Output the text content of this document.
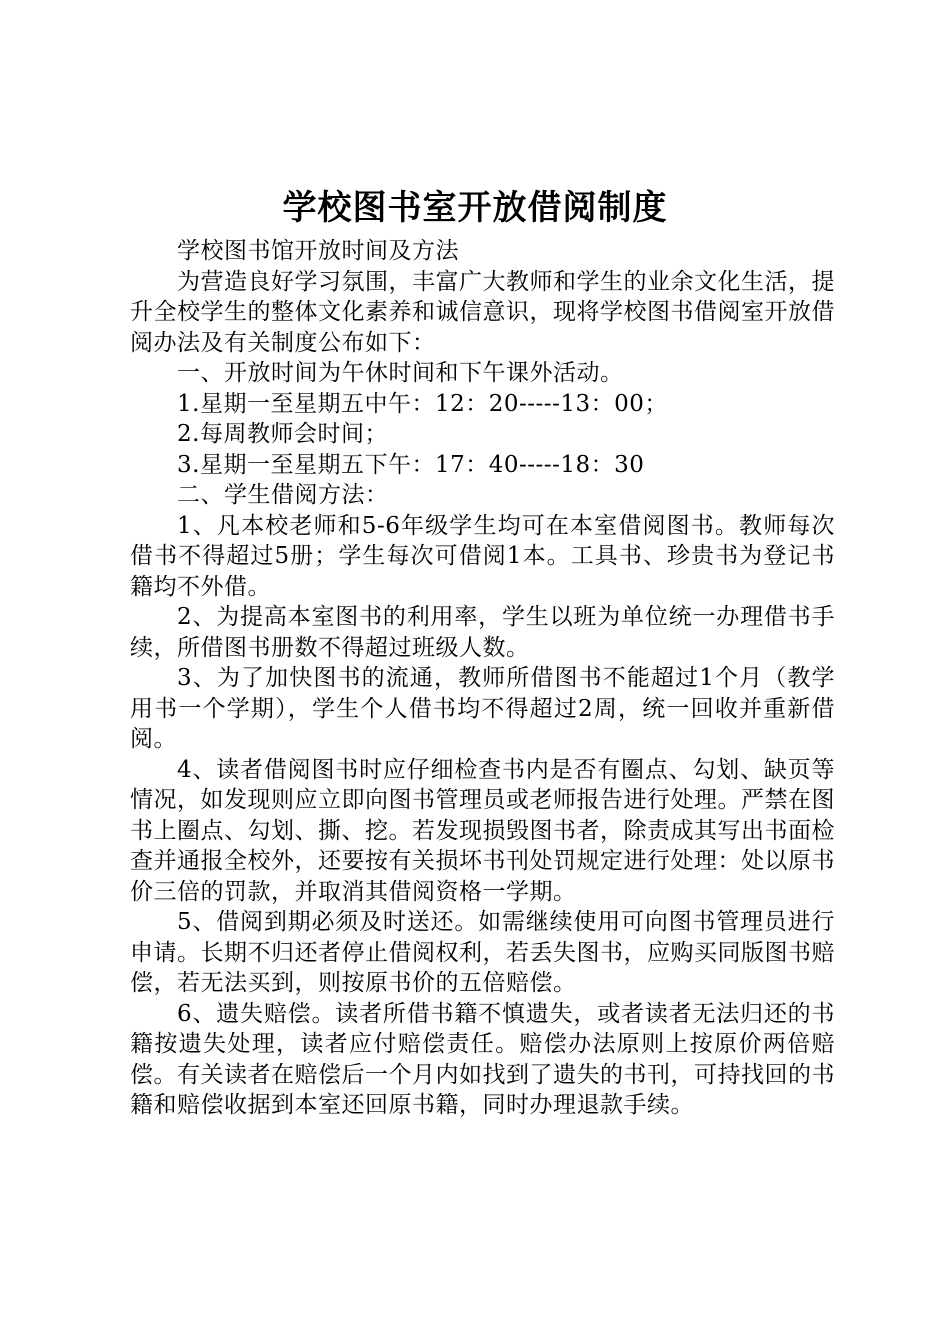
学校图书室开放借阅制度

学校图书馆开放时间及方法

为营造良好学习氛围，丰富广大教师和学生的业余文化生活，提升全校学生的整体文化素养和诚信意识，现将学校图书借阅室开放借阅办法及有关制度公布如下：

一、开放时间为午休时间和下午课外活动。

1.星期一至星期五中午：12：20-----13：00；

2.每周教师会时间；

3.星期一至星期五下午：17：40-----18：30

二、学生借阅方法：

1、凡本校老师和5-6年级学生均可在本室借阅图书。教师每次借书不得超过5册；学生每次可借阅1本。工具书、珍贵书为登记书籍均不外借。

2、为提高本室图书的利用率，学生以班为单位统一办理借书手续，所借图书册数不得超过班级人数。

3、为了加快图书的流通，教师所借图书不能超过1个月（教学用书一个学期），学生个人借书均不得超过2周，统一回收并重新借阅。

4、读者借阅图书时应仔细检查书内是否有圈点、勾划、缺页等情况，如发现则应立即向图书管理员或老师报告进行处理。严禁在图书上圈点、勾划、撕、挖。若发现损毁图书者，除责成其写出书面检查并通报全校外，还要按有关损坏书刊处罚规定进行处理：处以原书价三倍的罚款，并取消其借阅资格一学期。

5、借阅到期必须及时送还。如需继续使用可向图书管理员进行申请。长期不归还者停止借阅权利，若丢失图书，应购买同版图书赔偿，若无法买到，则按原书价的五倍赔偿。

6、遗失赔偿。读者所借书籍不慎遗失，或者读者无法归还的书籍按遗失处理，读者应付赔偿责任。赔偿办法原则上按原价两倍赔偿。有关读者在赔偿后一个月内如找到了遗失的书刊，可持找回的书籍和赔偿收据到本室还回原书籍，同时办理退款手续。
